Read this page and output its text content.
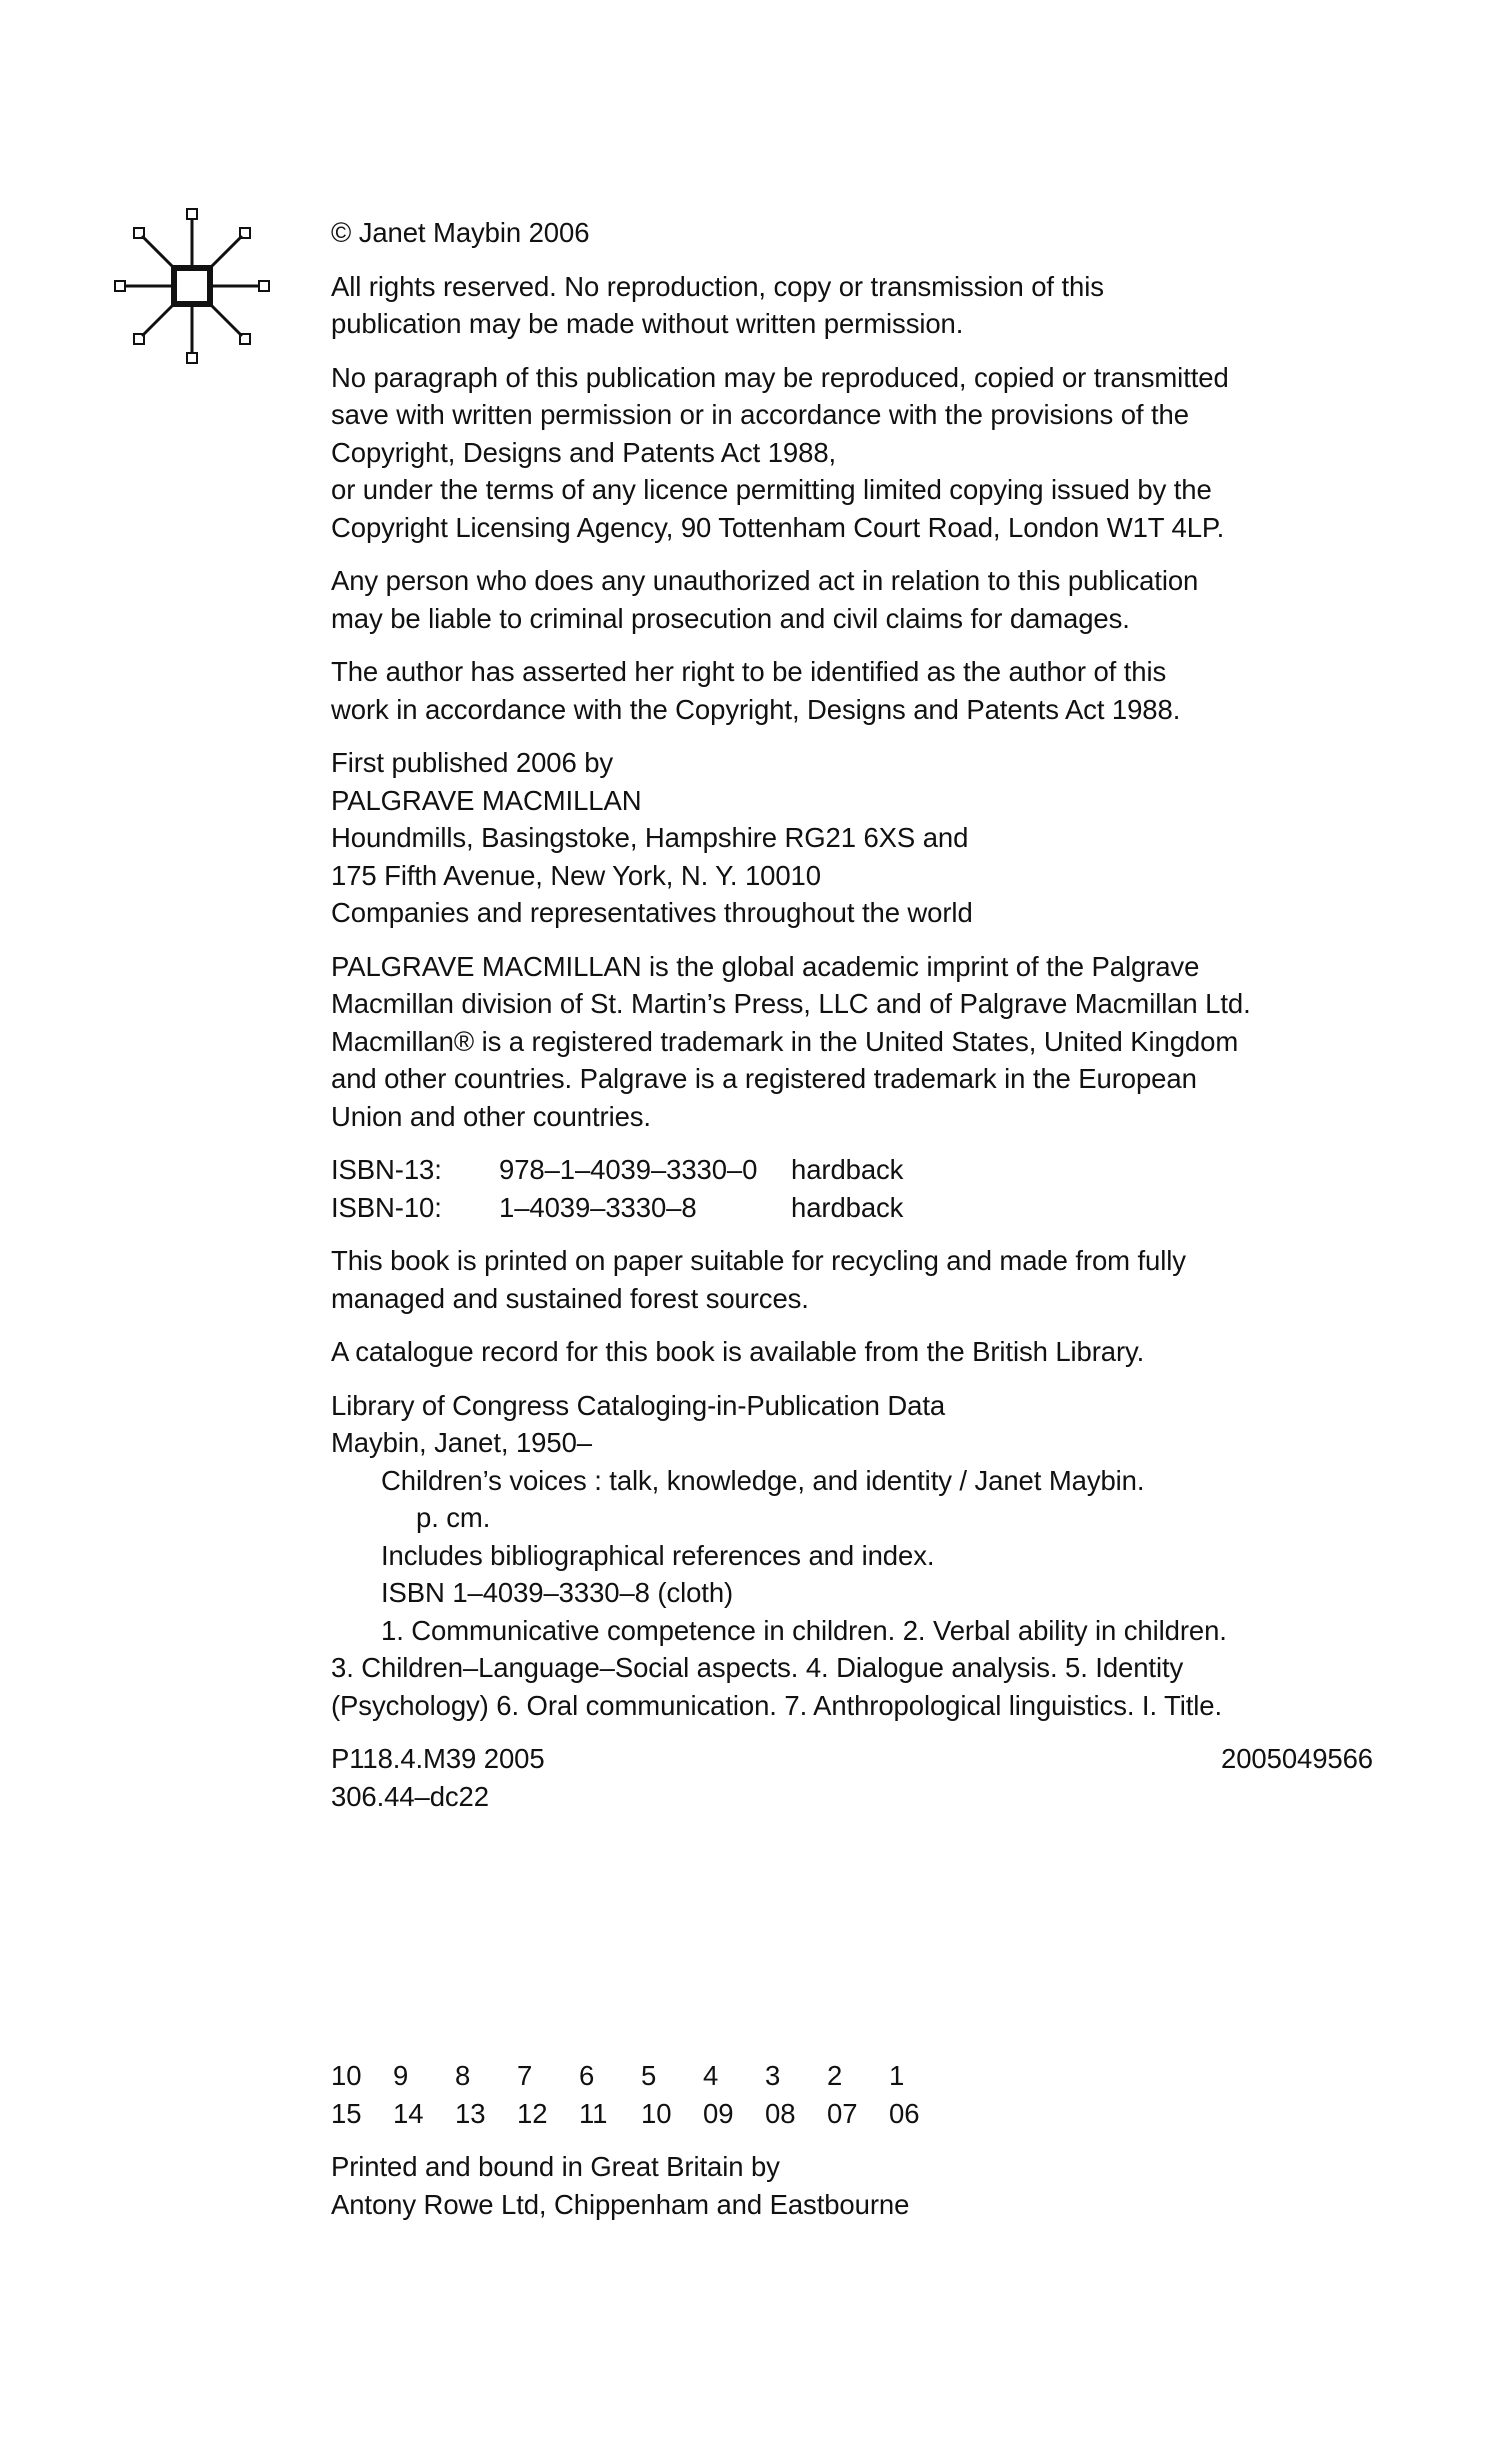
© Janet Maybin 2006
All rights reserved. No reproduction, copy or transmission of this
publication may be made without written permission.
No paragraph of this publication may be reproduced, copied or transmitted
save with written permission or in accordance with the provisions of the
Copyright, Designs and Patents Act 1988,
or under the terms of any licence permitting limited copying issued by the
Copyright Licensing Agency, 90 Tottenham Court Road, London W1T 4LP.
Any person who does any unauthorized act in relation to this publication
may be liable to criminal prosecution and civil claims for damages.
The author has asserted her right to be identified as the author of this
work in accordance with the Copyright, Designs and Patents Act 1988.
First published 2006 by
PALGRAVE MACMILLAN
Houndmills, Basingstoke, Hampshire RG21 6XS and
175 Fifth Avenue, New York, N. Y. 10010
Companies and representatives throughout the world
PALGRAVE MACMILLAN is the global academic imprint of the Palgrave
Macmillan division of St. Martin’s Press, LLC and of Palgrave Macmillan Ltd.
Macmillan® is a registered trademark in the United States, United Kingdom
and other countries. Palgrave is a registered trademark in the European
Union and other countries.
ISBN-13:	978–1–4039–3330–0	hardback
ISBN-10:	1–4039–3330–8	hardback
This book is printed on paper suitable for recycling and made from fully
managed and sustained forest sources.
A catalogue record for this book is available from the British Library.
Library of Congress Cataloging-in-Publication Data
Maybin, Janet, 1950–
Children’s voices : talk, knowledge, and identity / Janet Maybin.
p. cm.
Includes bibliographical references and index.
ISBN 1–4039–3330–8 (cloth)
1. Communicative competence in children. 2. Verbal ability in children.
3. Children–Language–Social aspects. 4. Dialogue analysis. 5. Identity
(Psychology) 6. Oral communication. 7. Anthropological linguistics. I. Title.
P118.4.M39 2005	2005049566
306.44–dc22
10	9	8	7	6	5	4	3	2	1
15	14	13	12	11	10	09	08	07	06
Printed and bound in Great Britain by
Antony Rowe Ltd, Chippenham and Eastbourne
